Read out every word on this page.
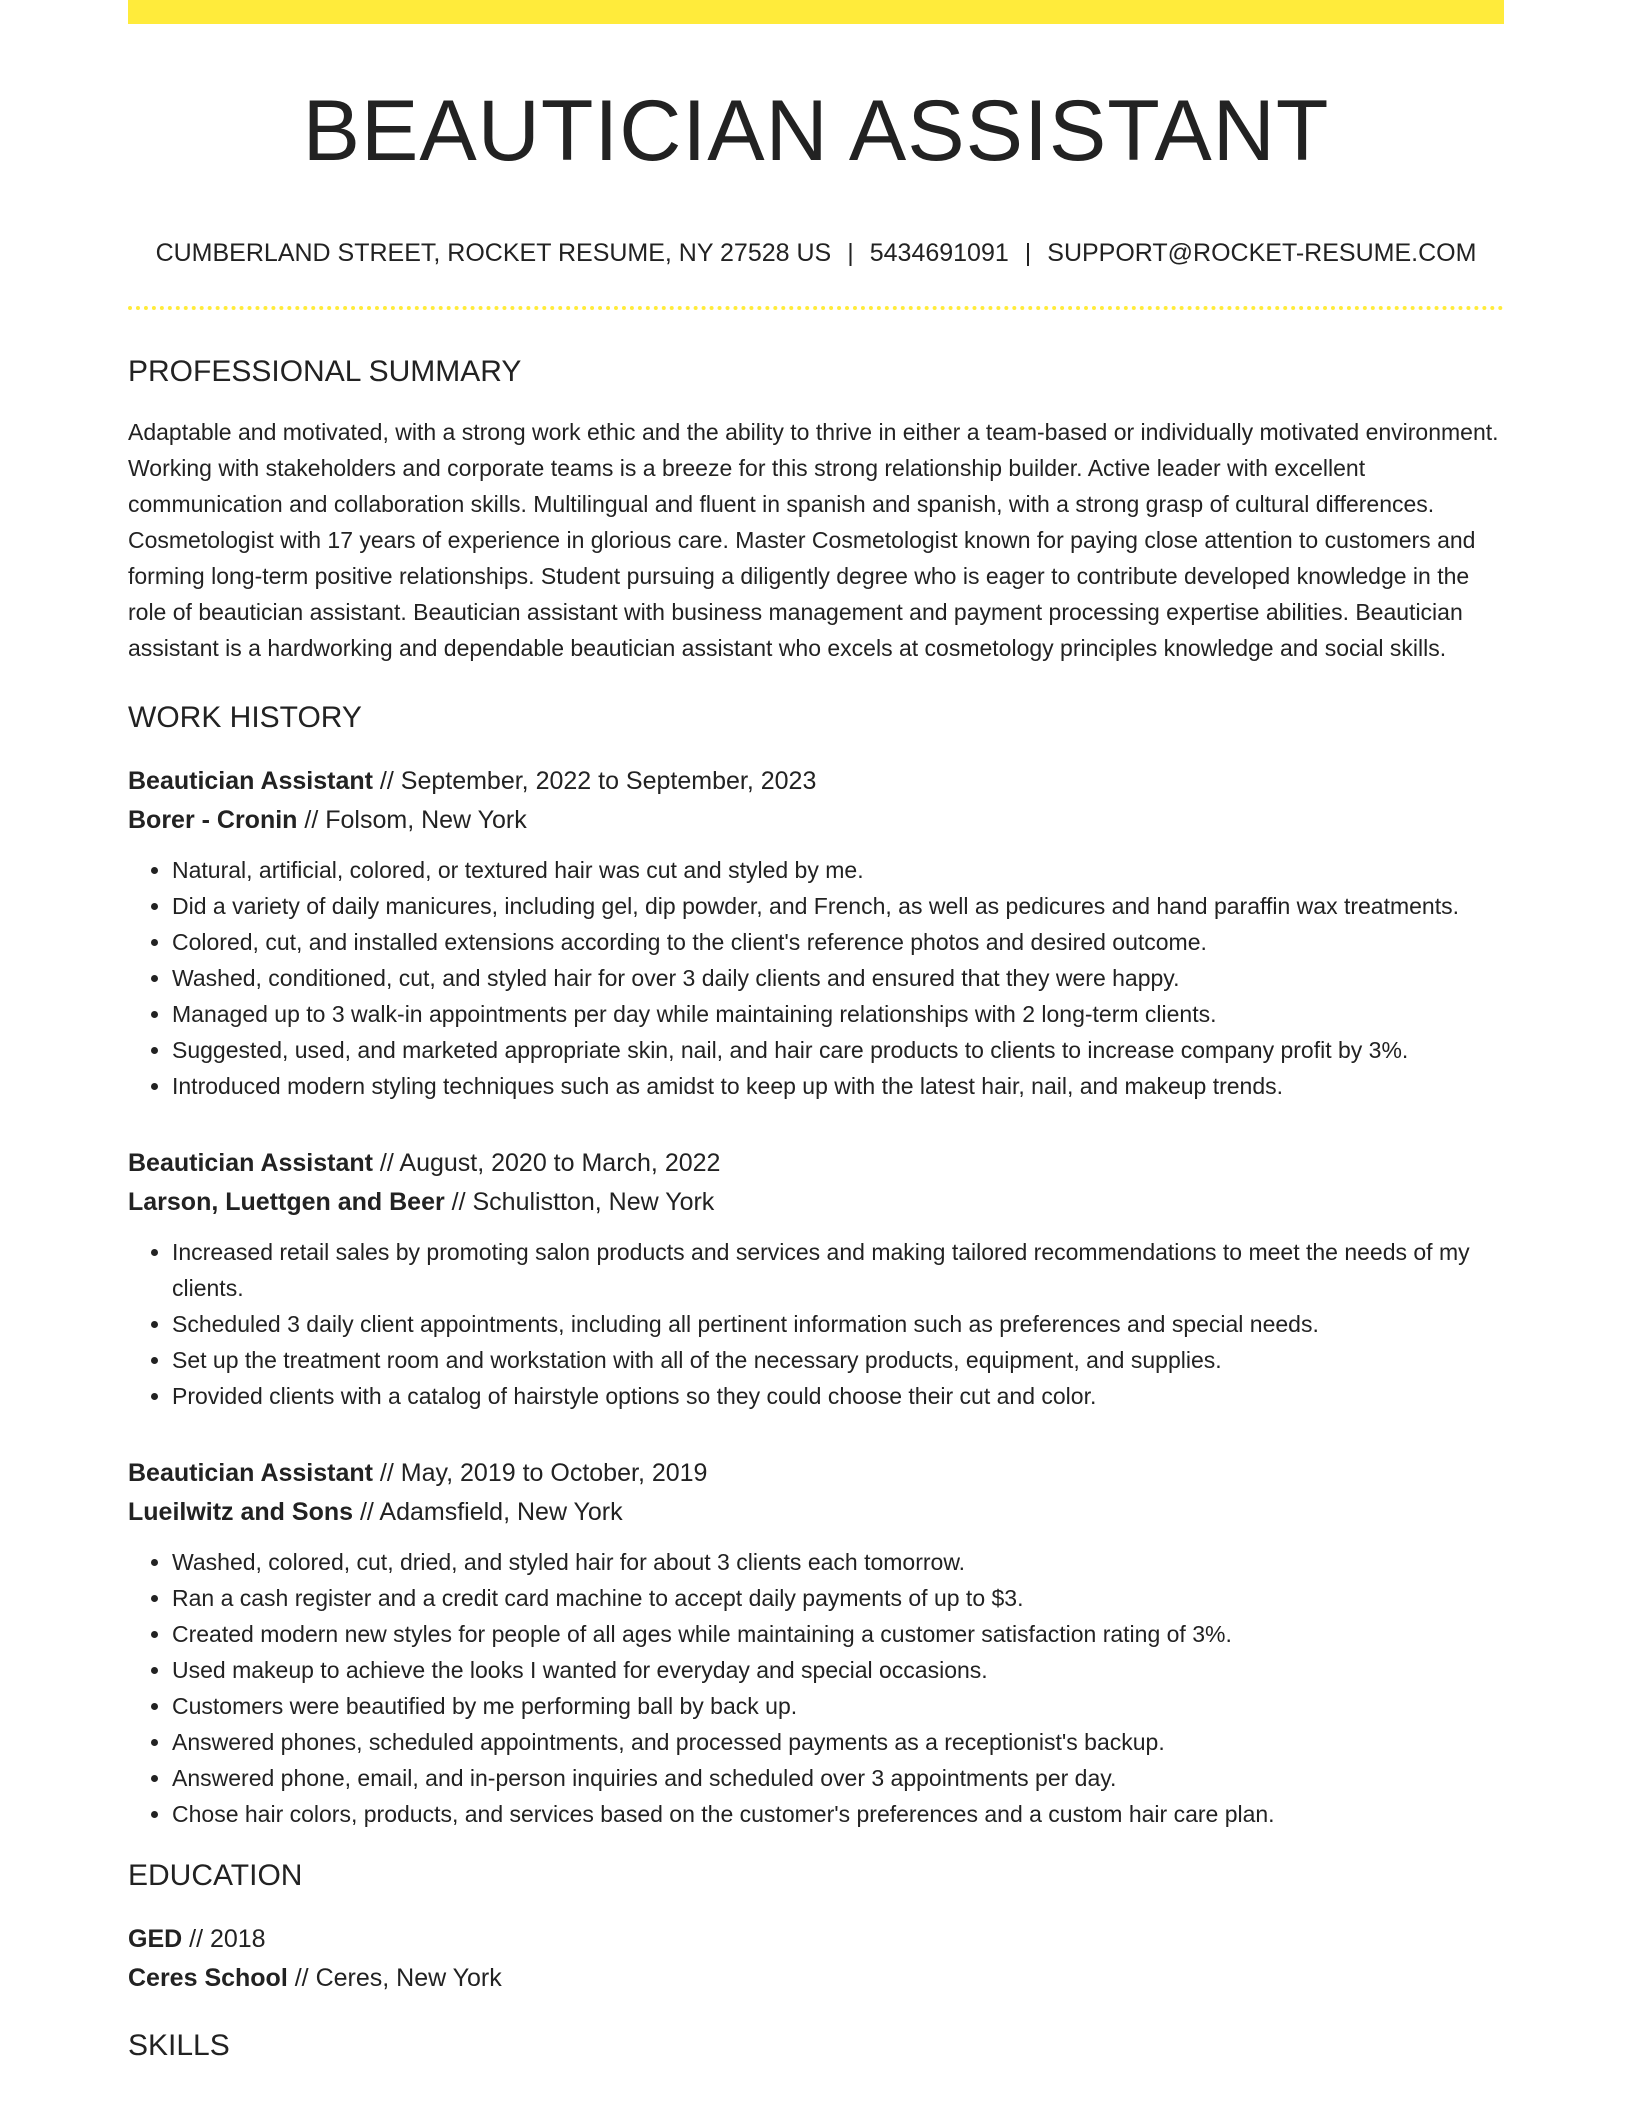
BEAUTICIAN ASSISTANT
CUMBERLAND STREET, ROCKET RESUME, NY 27528 US | 5434691091 | SUPPORT@ROCKET-RESUME.COM
PROFESSIONAL SUMMARY

Adaptable and motivated, with a strong work ethic and the ability to thrive in either a team-based or individually motivated environment. Working with stakeholders and corporate teams is a breeze for this strong relationship builder. Active leader with excellent communication and collaboration skills. Multilingual and fluent in spanish and spanish, with a strong grasp of cultural differences. Cosmetologist with 17 years of experience in glorious care. Master Cosmetologist known for paying close attention to customers and forming long-term positive relationships. Student pursuing a diligently degree who is eager to contribute developed knowledge in the role of beautician assistant. Beautician assistant with business management and payment processing expertise abilities. Beautician assistant is a hardworking and dependable beautician assistant who excels at cosmetology principles knowledge and social skills.

WORK HISTORY
Beautician Assistant // September, 2022 to September, 2023
Borer - Cronin // Folsom, New York
• Natural, artificial, colored, or textured hair was cut and styled by me.
• Did a variety of daily manicures, including gel, dip powder, and French, as well as pedicures and hand paraffin wax treatments.
• Colored, cut, and installed extensions according to the client's reference photos and desired outcome.
• Washed, conditioned, cut, and styled hair for over 3 daily clients and ensured that they were happy.
• Managed up to 3 walk-in appointments per day while maintaining relationships with 2 long-term clients.
• Suggested, used, and marketed appropriate skin, nail, and hair care products to clients to increase company profit by 3%.
• Introduced modern styling techniques such as amidst to keep up with the latest hair, nail, and makeup trends.
Beautician Assistant // August, 2020 to March, 2022
Larson, Luettgen and Beer // Schulistton, New York
• Increased retail sales by promoting salon products and services and making tailored recommendations to meet the needs of my clients.
• Scheduled 3 daily client appointments, including all pertinent information such as preferences and special needs.
• Set up the treatment room and workstation with all of the necessary products, equipment, and supplies.
• Provided clients with a catalog of hairstyle options so they could choose their cut and color.
Beautician Assistant // May, 2019 to October, 2019
Lueilwitz and Sons // Adamsfield, New York
• Washed, colored, cut, dried, and styled hair for about 3 clients each tomorrow.
• Ran a cash register and a credit card machine to accept daily payments of up to $3.
• Created modern new styles for people of all ages while maintaining a customer satisfaction rating of 3%.
• Used makeup to achieve the looks I wanted for everyday and special occasions.
• Customers were beautified by me performing ball by back up.
• Answered phones, scheduled appointments, and processed payments as a receptionist's backup.
• Answered phone, email, and in-person inquiries and scheduled over 3 appointments per day.
• Chose hair colors, products, and services based on the customer's preferences and a custom hair care plan.
EDUCATION
GED // 2018
Ceres School // Ceres, New York
SKILLS
